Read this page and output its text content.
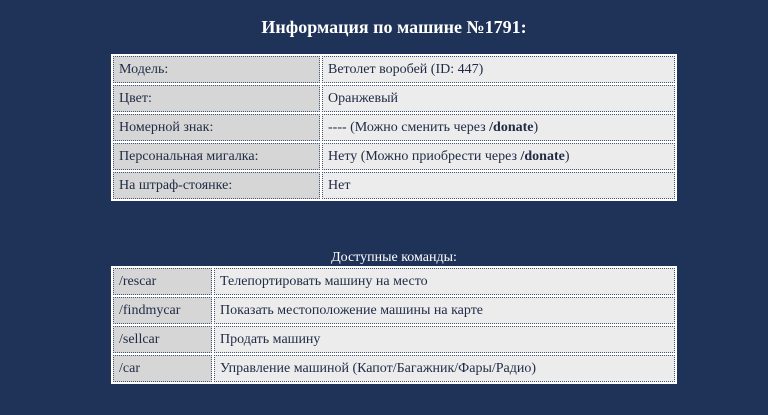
Информация по машине №1791:
Модель:	Ветолет воробей (ID: 447)
Цвет:	Оранжевый
Номерной знак:	---- (Можно сменить через /donate)
Персональная мигалка:	Нету (Можно приобрести через /donate)
На штраф-стоянке:	Нет
Доступные команды:
/rescar	Телепортировать машину на место
/findmycar	Показать местоположение машины на карте
/sellcar	Продать машину
/car	Управление машиной (Капот/Багажник/Фары/Радио)
